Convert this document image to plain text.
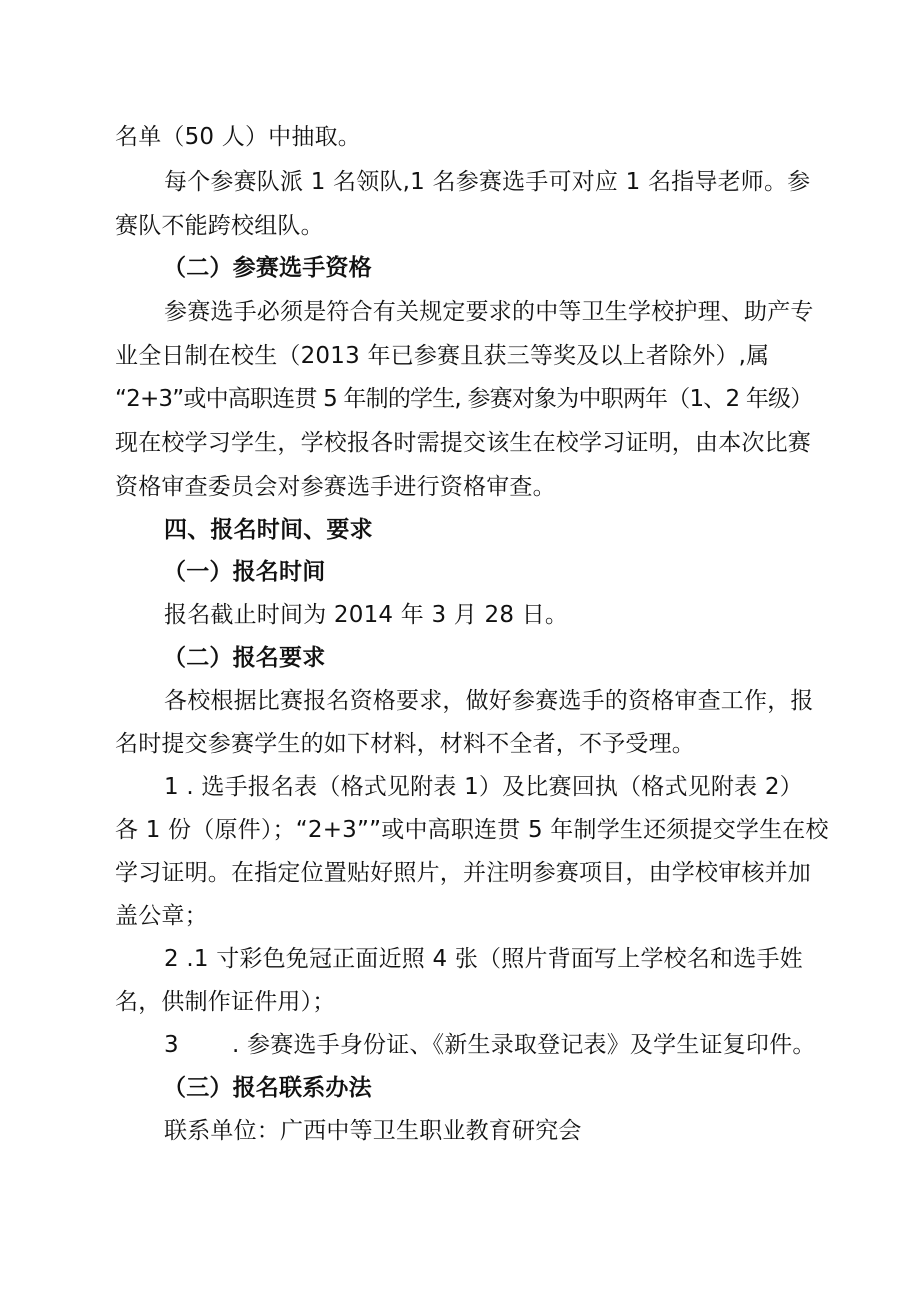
名单（50 人）中抽取。
每个参赛队派 1 名领队,1 名参赛选手可对应 1 名指导老师。参
赛队不能跨校组队。
（二）参赛选手资格
参赛选手必须是符合有关规定要求的中等卫生学校护理、助产专
业全日制在校生（2013 年已参赛且获三等奖及以上者除外）,属
“2+3”或中高职连贯 5 年制的学生, 参赛对象为中职两年（1、2 年级）
现在校学习学生，学校报各时需提交该生在校学习证明，由本次比赛
资格审查委员会对参赛选手进行资格审查。
四、报名时间、要求
（一）报名时间
报名截止时间为 2014 年 3 月 28 日。
（二）报名要求
各校根据比赛报名资格要求，做好参赛选手的资格审查工作，报
名时提交参赛学生的如下材料，材料不全者，不予受理。
1 . 选手报名表（格式见附表 1）及比赛回执（格式见附表 2）
各 1 份（原件）；“2+3””或中高职连贯 5 年制学生还须提交学生在校
学习证明。在指定位置贴好照片，并注明参赛项目，由学校审核并加
盖公章；
2 .1 寸彩色免冠正面近照 4 张（照片背面写上学校名和选手姓
名，供制作证件用）；
3 . 参赛选手身份证、《新生录取登记表》及学生证复印件。
（三）报名联系办法
联系单位：广西中等卫生职业教育研究会
